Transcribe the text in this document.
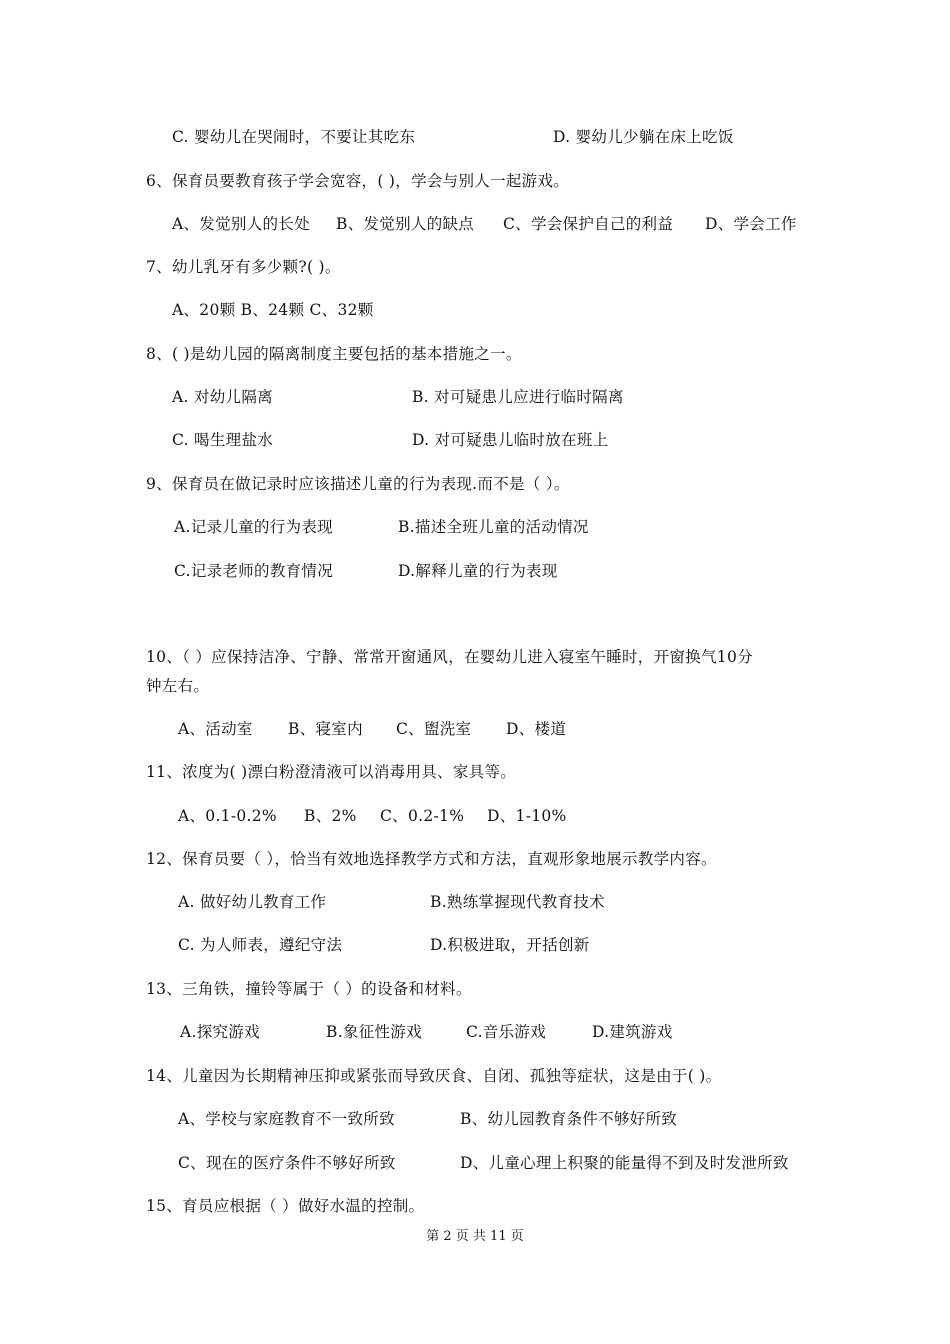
C. 婴幼儿在哭闹时，不要让其吃东	D. 婴幼儿少躺在床上吃饭
6、保育员要教育孩子学会宽容，( )，学会与别人一起游戏。
A、发觉别人的长处 B、发觉别人的缺点 C、学会保护自己的利益 D、学会工作
7、幼儿乳牙有多少颗?( )。
A、20颗 B、24颗 C、32颗
8、( )是幼儿园的隔离制度主要包括的基本措施之一。
A. 对幼儿隔离	B. 对可疑患儿应进行临时隔离
C. 喝生理盐水	D. 对可疑患儿临时放在班上
9、保育员在做记录时应该描述儿童的行为表现.而不是（ ）。
A.记录儿童的行为表现	B.描述全班儿童的活动情况
C.记录老师的教育情况	D.解释儿童的行为表现
10、（ ）应保持洁净、宁静、常常开窗通风，在婴幼儿进入寝室午睡时，开窗换气10分
钟左右。
A、活动室 B、寝室内 C、盥洗室 D、楼道
11、浓度为( )漂白粉澄清液可以消毒用具、家具等。
A、0.1-0.2% B、2% C、0.2-1% D、1-10%
12、保育员要（ ），恰当有效地选择教学方式和方法，直观形象地展示教学内容。
A. 做好幼儿教育工作	B.熟练掌握现代教育技术
C. 为人师表，遵纪守法	D.积极进取，开括创新
13、三角铁，撞铃等属于（ ）的设备和材料。
A.探究游戏	B.象征性游戏	C.音乐游戏	D.建筑游戏
14、儿童因为长期精神压抑或紧张而导致厌食、自闭、孤独等症状，这是由于( )。
A、学校与家庭教育不一致所致	B、幼儿园教育条件不够好所致
C、现在的医疗条件不够好所致	D、儿童心理上积聚的能量得不到及时发泄所致
15、育员应根据（ ）做好水温的控制。
第 2 页 共 11 页
